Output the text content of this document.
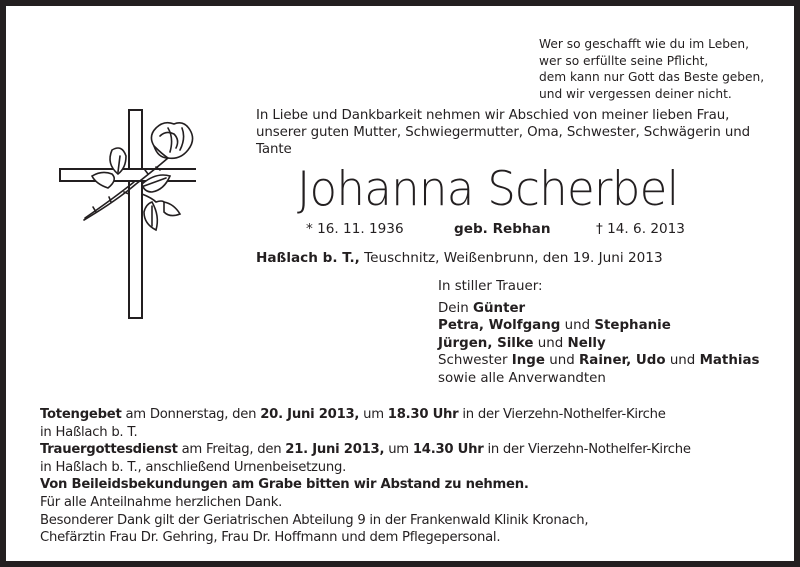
Wer so geschafft wie du im Leben,
wer so erfüllte seine Pflicht,
dem kann nur Gott das Beste geben,
und wir vergessen deiner nicht.
In Liebe und Dankbarkeit nehmen wir Abschied von meiner lieben Frau,
unserer guten Mutter, Schwiegermutter, Oma, Schwester, Schwägerin und
Tante
Johanna Scherbel
* 16. 11. 1936	geb. Rebhan	† 14. 6. 2013
Haßlach b. T., Teuschnitz, Weißenbrunn, den 19. Juni 2013
In stiller Trauer:
Dein Günter
Petra, Wolfgang und Stephanie
Jürgen, Silke und Nelly
Schwester Inge und Rainer, Udo und Mathias
sowie alle Anverwandten
Totengebet am Donnerstag, den 20. Juni 2013, um 18.30 Uhr in der Vierzehn-Nothelfer-Kirche
in Haßlach b. T.
Trauergottesdienst am Freitag, den 21. Juni 2013, um 14.30 Uhr in der Vierzehn-Nothelfer-Kirche
in Haßlach b. T., anschließend Urnenbeisetzung.
Von Beileidsbekundungen am Grabe bitten wir Abstand zu nehmen.
Für alle Anteilnahme herzlichen Dank.
Besonderer Dank gilt der Geriatrischen Abteilung 9 in der Frankenwald Klinik Kronach,
Chefärztin Frau Dr. Gehring, Frau Dr. Hoffmann und dem Pflegepersonal.
